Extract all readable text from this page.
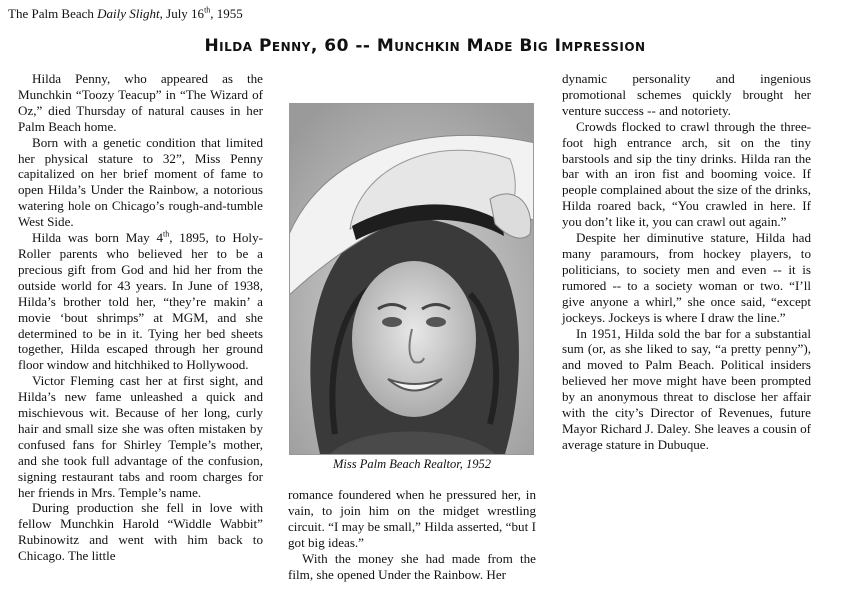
The Palm Beach Daily Slight, July 16th, 1955
Hilda Penny, 60 -- Munchkin Made Big Impression

Hilda Penny, who appeared as the Munchkin “Toozy Teacup” in “The Wizard of Oz,” died Thursday of natural causes in her Palm Beach home.

Born with a genetic condition that limited her physical stature to 32”, Miss Penny capitalized on her brief moment of fame to open Hilda’s Under the Rainbow, a notorious watering hole on Chicago’s rough-and-tumble West Side.

Hilda was born May 4th, 1895, to Holy-Roller parents who believed her to be a precious gift from God and hid her from the outside world for 43 years. In June of 1938, Hilda’s brother told her, “they’re makin’ a movie ‘bout shrimps” at MGM, and she determined to be in it. Tying her bed sheets together, Hilda escaped through her ground floor window and hitchhiked to Hollywood.

Victor Fleming cast her at first sight, and Hilda’s new fame unleashed a quick and mischievous wit. Because of her long, curly hair and small size she was often mistaken by confused fans for Shirley Temple’s mother, and she took full advantage of the confusion, signing restaurant tabs and room charges for her friends in Mrs. Temple’s name.

During production she fell in love with fellow Munchkin Harold “Widdle Wabbit” Rubinowitz and went with him back to Chicago. The little

Miss Palm Beach Realtor, 1952

romance foundered when he pressured her, in vain, to join him on the midget wrestling circuit. “I may be small,” Hilda asserted, “but I got big ideas.”

With the money she had made from the film, she opened Under the Rainbow. Her

dynamic personality and ingenious promotional schemes quickly brought her venture success -- and notoriety.

Crowds flocked to crawl through the three-foot high entrance arch, sit on the tiny barstools and sip the tiny drinks. Hilda ran the bar with an iron fist and booming voice. If people complained about the size of the drinks, Hilda roared back, “You crawled in here. If you don’t like it, you can crawl out again.”

Despite her diminutive stature, Hilda had many paramours, from hockey players, to politicians, to society men and even -- it is rumored -- to a society woman or two. “I’ll give anyone a whirl,” she once said, “except jockeys. Jockeys is where I draw the line.”

In 1951, Hilda sold the bar for a substantial sum (or, as she liked to say, “a pretty penny”), and moved to Palm Beach. Political insiders believed her move might have been prompted by an anonymous threat to disclose her affair with the city’s Director of Revenues, future Mayor Richard J. Daley. She leaves a cousin of average stature in Dubuque.
